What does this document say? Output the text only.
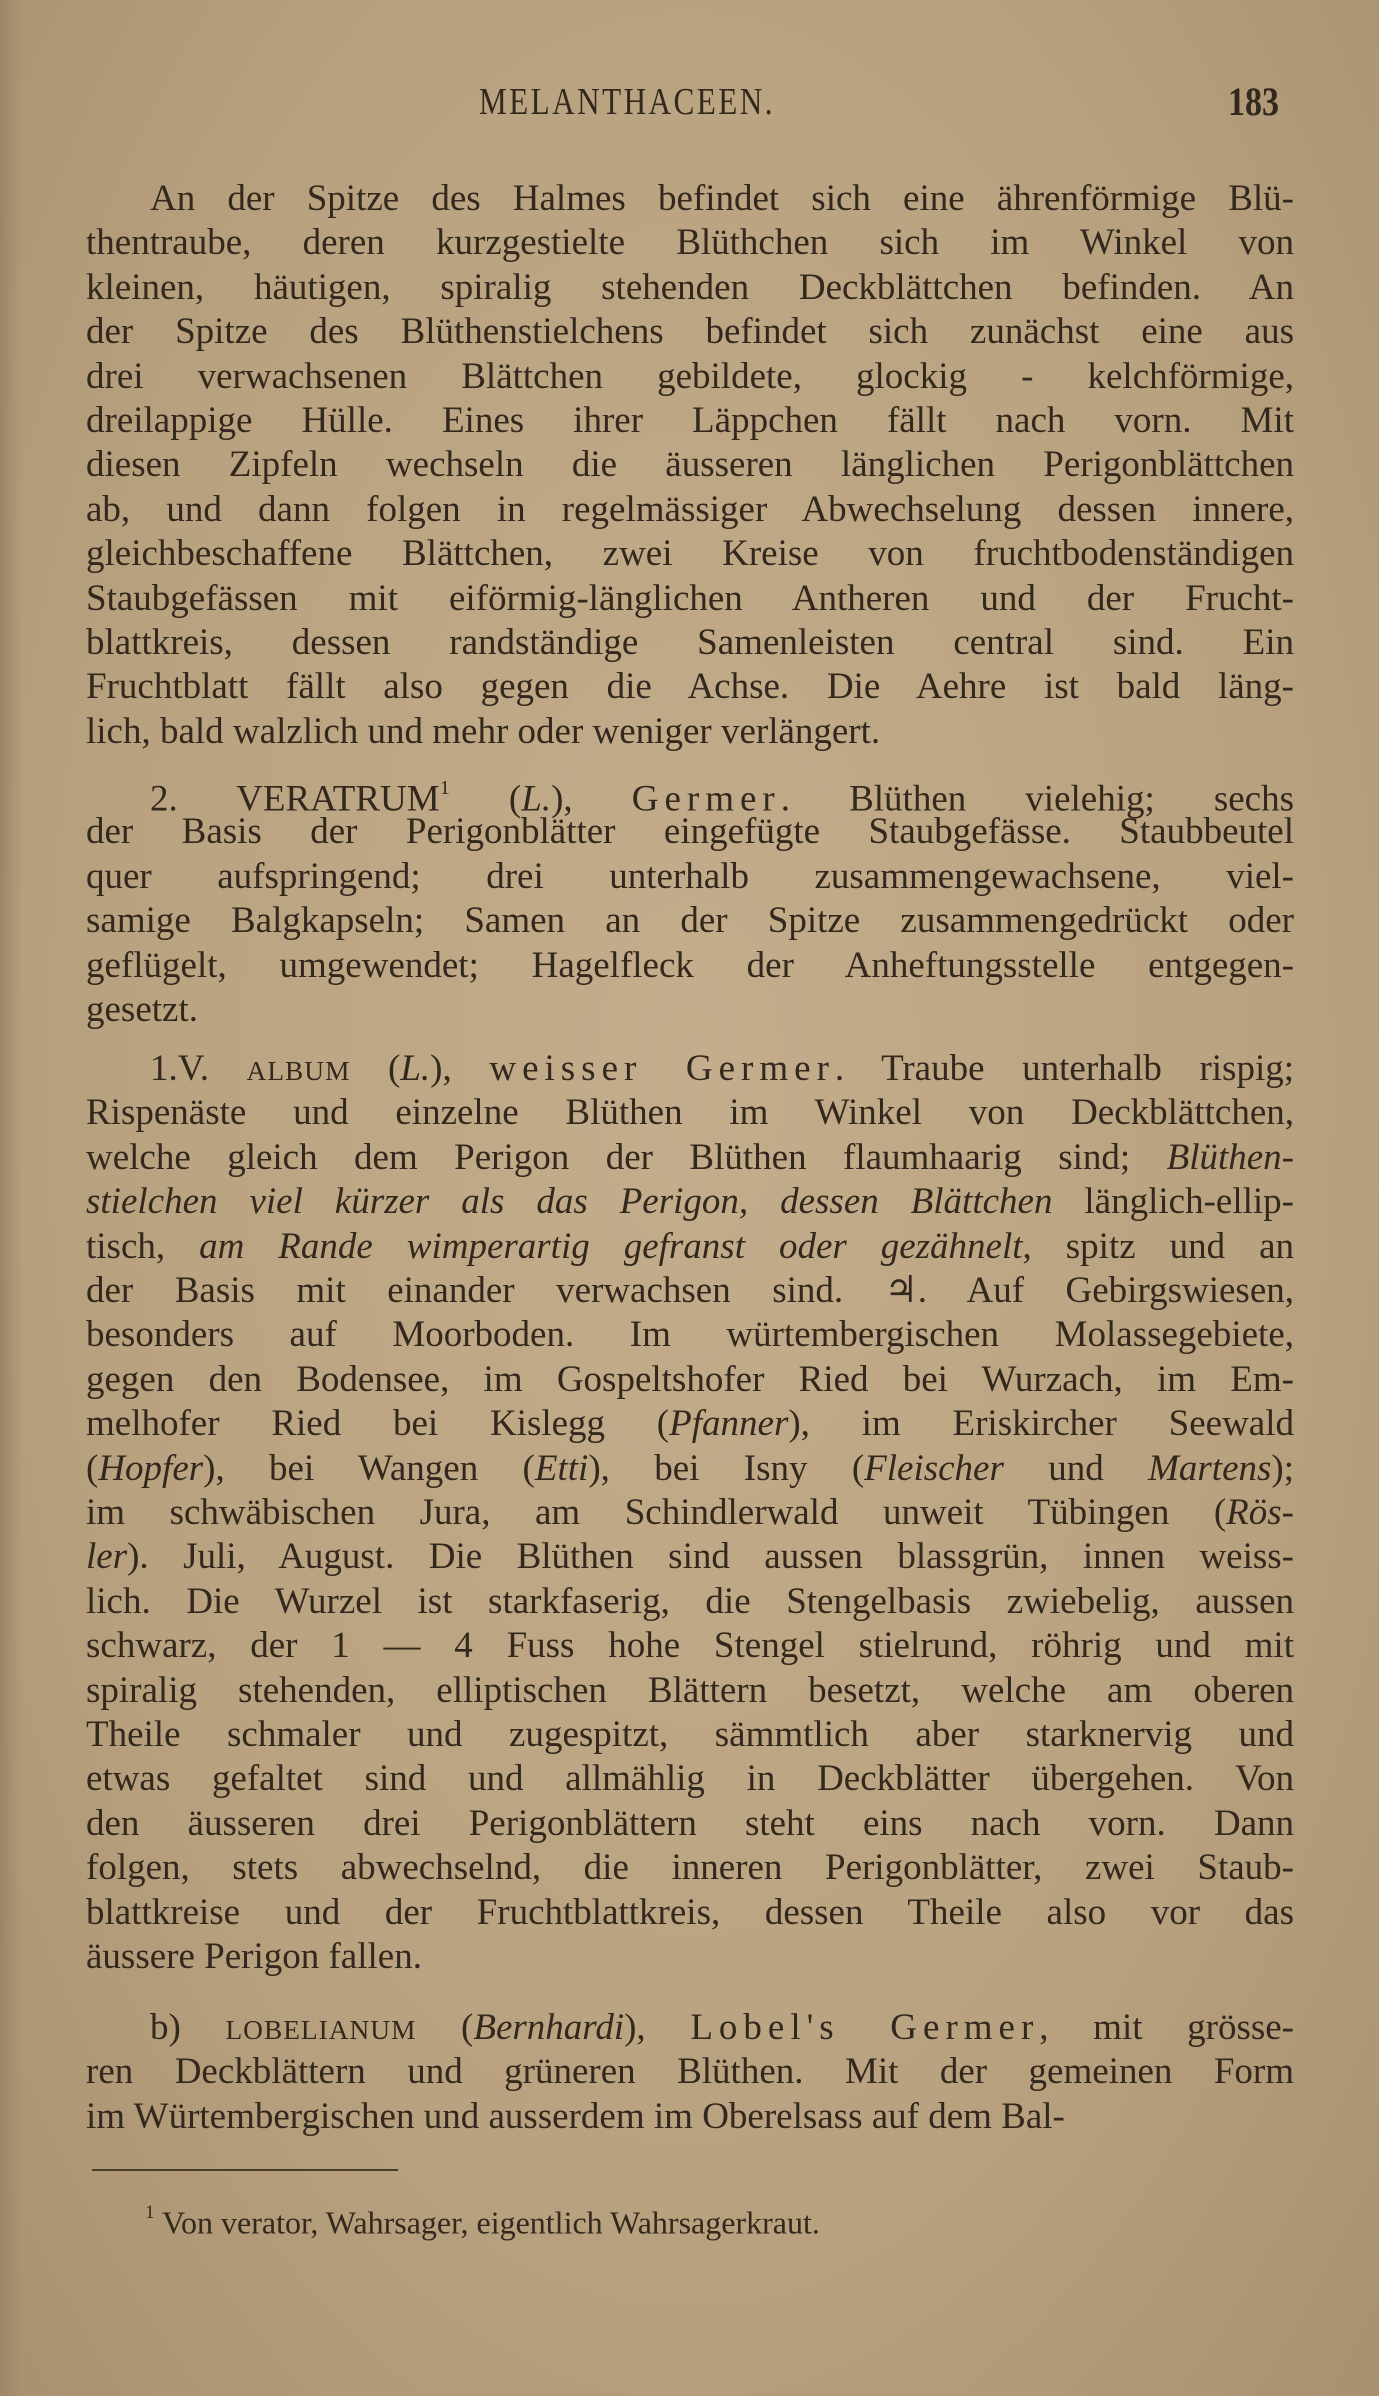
MELANTHACEEN.	183
An der Spitze des Halmes befindet sich eine ährenförmige Blü-
thentraube, deren kurzgestielte Blüthchen sich im Winkel von
kleinen, häutigen, spiralig stehenden Deckblättchen befinden. An
der Spitze des Blüthenstielchens befindet sich zunächst eine aus
drei verwachsenen Blättchen gebildete, glockig - kelchförmige,
dreilappige Hülle. Eines ihrer Läppchen fällt nach vorn. Mit
diesen Zipfeln wechseln die äusseren länglichen Perigonblättchen
ab, und dann folgen in regelmässiger Abwechselung dessen innere,
gleichbeschaffene Blättchen, zwei Kreise von fruchtbodenständigen
Staubgefässen mit eiförmig-länglichen Antheren und der Frucht-
blattkreis, dessen randständige Samenleisten central sind. Ein
Fruchtblatt fällt also gegen die Achse. Die Aehre ist bald läng-
lich, bald walzlich und mehr oder weniger verlängert.
2. VERATRUM$^1$ (L.), Germer. Blüthen vielehig; sechs
der Basis der Perigonblätter eingefügte Staubgefässe. Staubbeutel
quer aufspringend; drei unterhalb zusammengewachsene, viel-
samige Balgkapseln; Samen an der Spitze zusammengedrückt oder
geflügelt, umgewendet; Hagelfleck der Anheftungsstelle entgegen-
gesetzt.
1.V. ALBUM (L.), weisser Germer. Traube unterhalb rispig;
Rispenäste und einzelne Blüthen im Winkel von Deckblättchen,
welche gleich dem Perigon der Blüthen flaumhaarig sind; Blüthen-
stielchen viel kürzer als das Perigon, dessen Blättchen länglich-ellip-
tisch, am Rande wimperartig gefranst oder gezähnelt, spitz und an
der Basis mit einander verwachsen sind. ♃. Auf Gebirgswiesen,
besonders auf Moorboden. Im würtembergischen Molassegebiete,
gegen den Bodensee, im Gospeltshofer Ried bei Wurzach, im Em-
melhofer Ried bei Kislegg (Pfanner), im Eriskircher Seewald
(Hopfer), bei Wangen (Etti), bei Isny (Fleischer und Martens);
im schwäbischen Jura, am Schindlerwald unweit Tübingen (Rös-
ler). Juli, August. Die Blüthen sind aussen blassgrün, innen weiss-
lich. Die Wurzel ist starkfaserig, die Stengelbasis zwiebelig, aussen
schwarz, der 1 — 4 Fuss hohe Stengel stielrund, röhrig und mit
spiralig stehenden, elliptischen Blättern besetzt, welche am oberen
Theile schmaler und zugespitzt, sämmtlich aber starknervig und
etwas gefaltet sind und allmählig in Deckblätter übergehen. Von
den äusseren drei Perigonblättern steht eins nach vorn. Dann
folgen, stets abwechselnd, die inneren Perigonblätter, zwei Staub-
blattkreise und der Fruchtblattkreis, dessen Theile also vor das
äussere Perigon fallen.
b) LOBELIANUM (Bernhardi), Lobel's Germer, mit grösse-
ren Deckblättern und grüneren Blüthen. Mit der gemeinen Form
im Würtembergischen und ausserdem im Oberelsass auf dem Bal-
$^1$ Von verator, Wahrsager, eigentlich Wahrsagerkraut.
